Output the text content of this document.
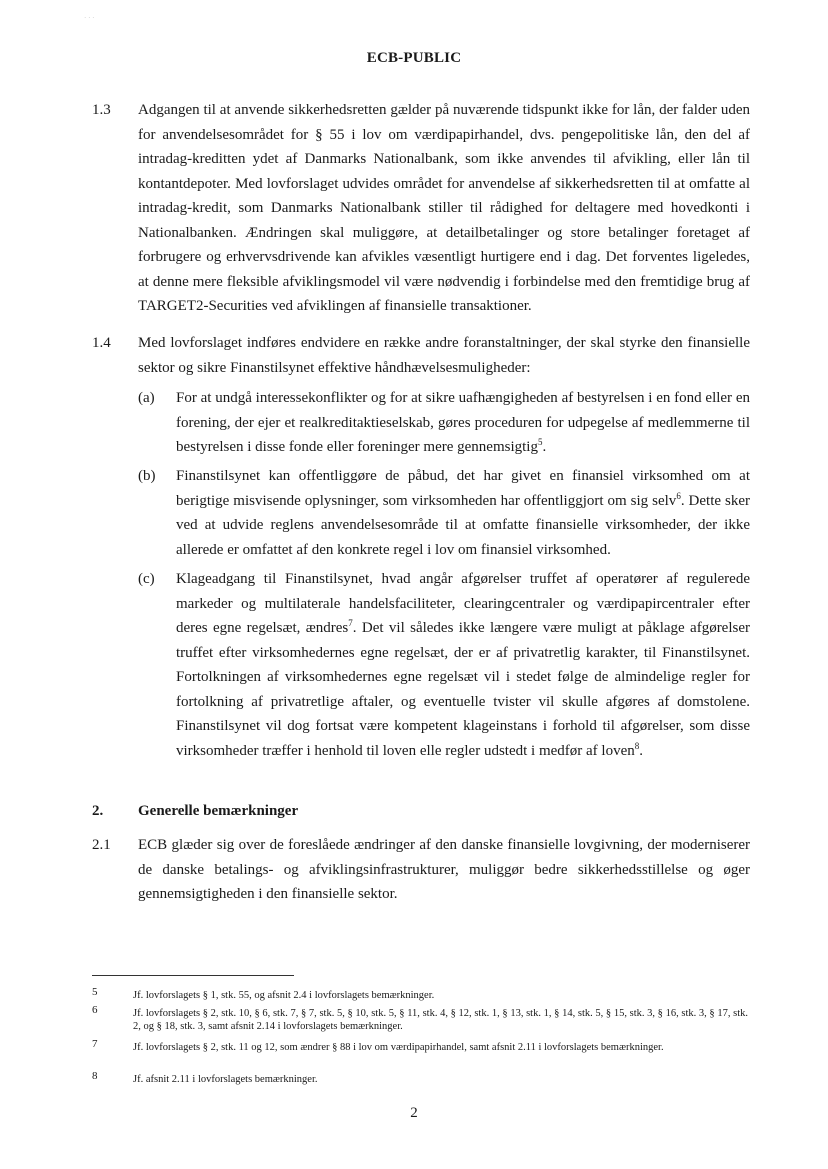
· · ·
ECB-PUBLIC
1.3 Adgangen til at anvende sikkerhedsretten gælder på nuværende tidspunkt ikke for lån, der falder uden for anvendelsesområdet for § 55 i lov om værdipapirhandel, dvs. pengepolitiske lån, den del af intradag-kreditten ydet af Danmarks Nationalbank, som ikke anvendes til afvikling, eller lån til kontantdepoter. Med lovforslaget udvides området for anvendelse af sikkerhedsretten til at omfatte al intradag-kredit, som Danmarks Nationalbank stiller til rådighed for deltagere med hovedkonti i Nationalbanken. Ændringen skal muliggøre, at detailbetalinger og store betalinger foretaget af forbrugere og erhvervsdrivende kan afvikles væsentligt hurtigere end i dag. Det forventes ligeledes, at denne mere fleksible afviklingsmodel vil være nødvendig i forbindelse med den fremtidige brug af TARGET2-Securities ved afviklingen af finansielle transaktioner.
1.4 Med lovforslaget indføres endvidere en række andre foranstaltninger, der skal styrke den finansielle sektor og sikre Finanstilsynet effektive håndhævelsesmuligheder:
(a) For at undgå interessekonflikter og for at sikre uafhængigheden af bestyrelsen i en fond eller en forening, der ejer et realkreditaktieselskab, gøres proceduren for udpegelse af medlemmerne til bestyrelsen i disse fonde eller foreninger mere gennemsigtig$^5$.
(b) Finanstilsynet kan offentliggøre de påbud, det har givet en finansiel virksomhed om at berigtige misvisende oplysninger, som virksomheden har offentliggjort om sig selv$^6$. Dette sker ved at udvide reglens anvendelsesområde til at omfatte finansielle virksomheder, der ikke allerede er omfattet af den konkrete regel i lov om finansiel virksomhed.
(c) Klageadgang til Finanstilsynet, hvad angår afgørelser truffet af operatører af regulerede markeder og multilaterale handelsfaciliteter, clearingcentraler og værdipapircentraler efter deres egne regelsæt, ændres$^7$. Det vil således ikke længere være muligt at påklage afgørelser truffet efter virksomhedernes egne regelsæt, der er af privatretlig karakter, til Finanstilsynet. Fortolkningen af virksomhedernes egne regelsæt vil i stedet følge de almindelige regler for fortolkning af privatretlige aftaler, og eventuelle tvister vil skulle afgøres af domstolene. Finanstilsynet vil dog fortsat være kompetent klageinstans i forhold til afgørelser, som disse virksomheder træffer i henhold til loven elle regler udstedt i medfør af loven$^8$.
2. Generelle bemærkninger
2.1 ECB glæder sig over de foreslåede ændringer af den danske finansielle lovgivning, der moderniserer de danske betalings- og afviklingsinfrastrukturer, muliggør bedre sikkerhedsstillelse og øger gennemsigtigheden i den finansielle sektor.
5	Jf. lovforslagets § 1, stk. 55, og afsnit 2.4 i lovforslagets bemærkninger.
6	Jf. lovforslagets § 2, stk. 10, § 6, stk. 7, § 7, stk. 5, § 10, stk. 5, § 11, stk. 4, § 12, stk. 1, § 13, stk. 1, § 14, stk. 5, § 15, stk. 3, § 16, stk. 3, § 17, stk. 2, og § 18, stk. 3, samt afsnit 2.14 i lovforslagets bemærkninger.
7	Jf. lovforslagets § 2, stk. 11 og 12, som ændrer § 88 i lov om værdipapirhandel, samt afsnit 2.11 i lovforslagets bemærkninger.
8	Jf. afsnit 2.11 i lovforslagets bemærkninger.
2
